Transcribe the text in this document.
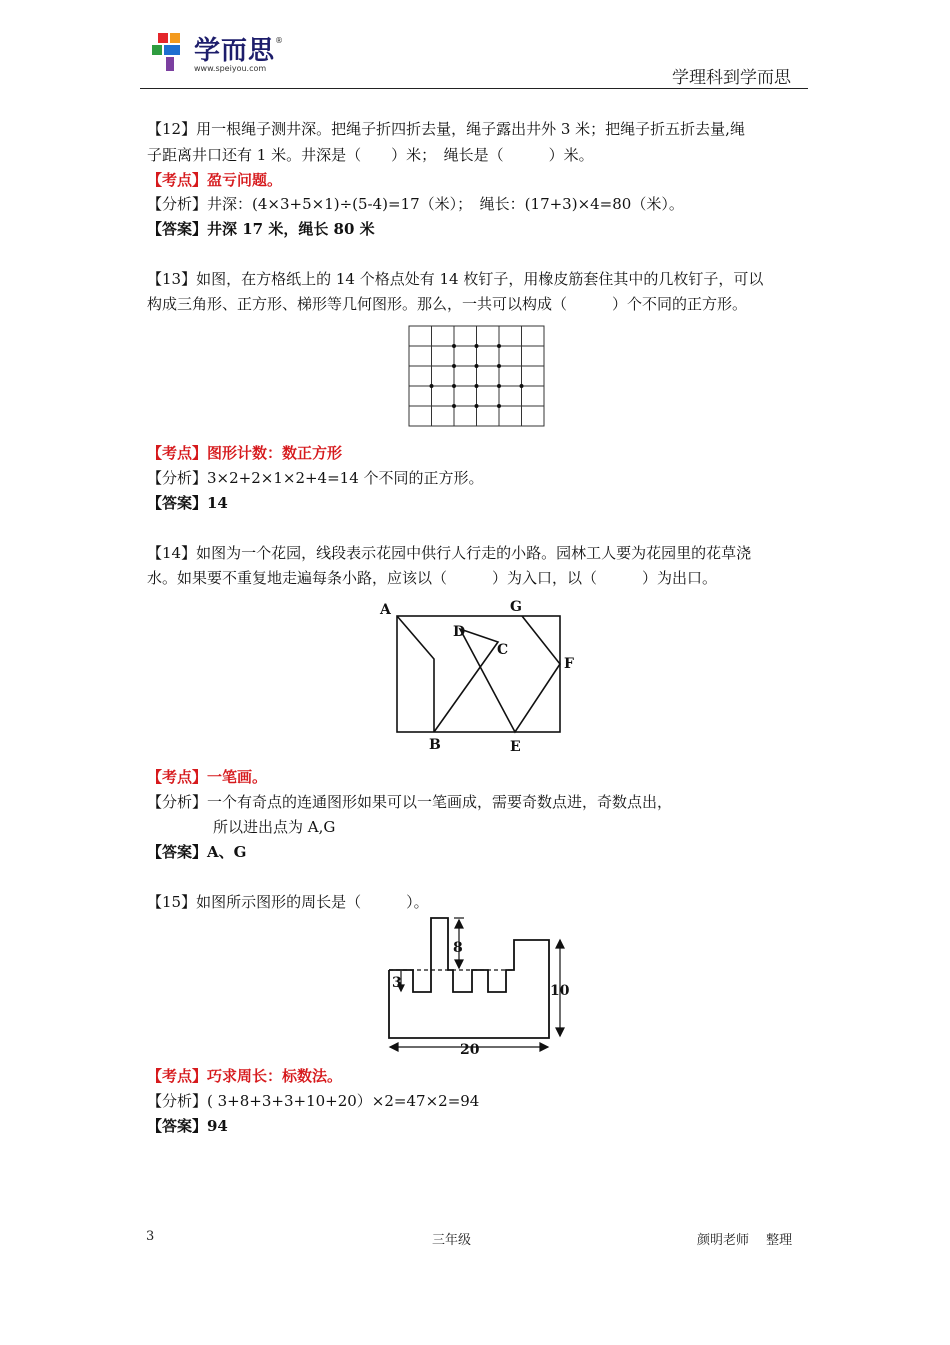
学而思 ®
www.speiyou.com	学理科到学而思
【12】用一根绳子测井深。把绳子折四折去量，绳子露出井外 3 米；把绳子折五折去量,绳
子距离井口还有 1 米。井深是（　　）米；　绳长是（　　　）米。
【考点】盈亏问题。
【分析】井深：(4×3+5×1)÷(5-4)=17（米）；　绳长：(17+3)×4=80（米）。
【答案】井深 17 米，绳长 80 米
【13】如图，在方格纸上的 14 个格点处有 14 枚钉子，用橡皮筋套住其中的几枚钉子，可以
构成三角形、正方形、梯形等几何图形。那么，一共可以构成（　　　）个不同的正方形。
【考点】图形计数：数正方形
【分析】3×2+2×1×2+4=14 个不同的正方形。
【答案】14
【14】如图为一个花园，线段表示花园中供行人行走的小路。园林工人要为花园里的花草浇
水。如果要不重复地走遍每条小路，应该以（　　　）为入口，以（　　　）为出口。
A
B
C
D
E
F
G
【考点】一笔画。
【分析】一个有奇点的连通图形如果可以一笔画成，需要奇数点进，奇数点出，
所以进出点为 A,G
【答案】A、G
【15】如图所示图形的周长是（　　　）。
8
3	10
20
【考点】巧求周长：标数法。
【分析】( 3+8+3+3+10+20）×2=47×2=94
【答案】94
3	三年级	颜明老师　 整理
